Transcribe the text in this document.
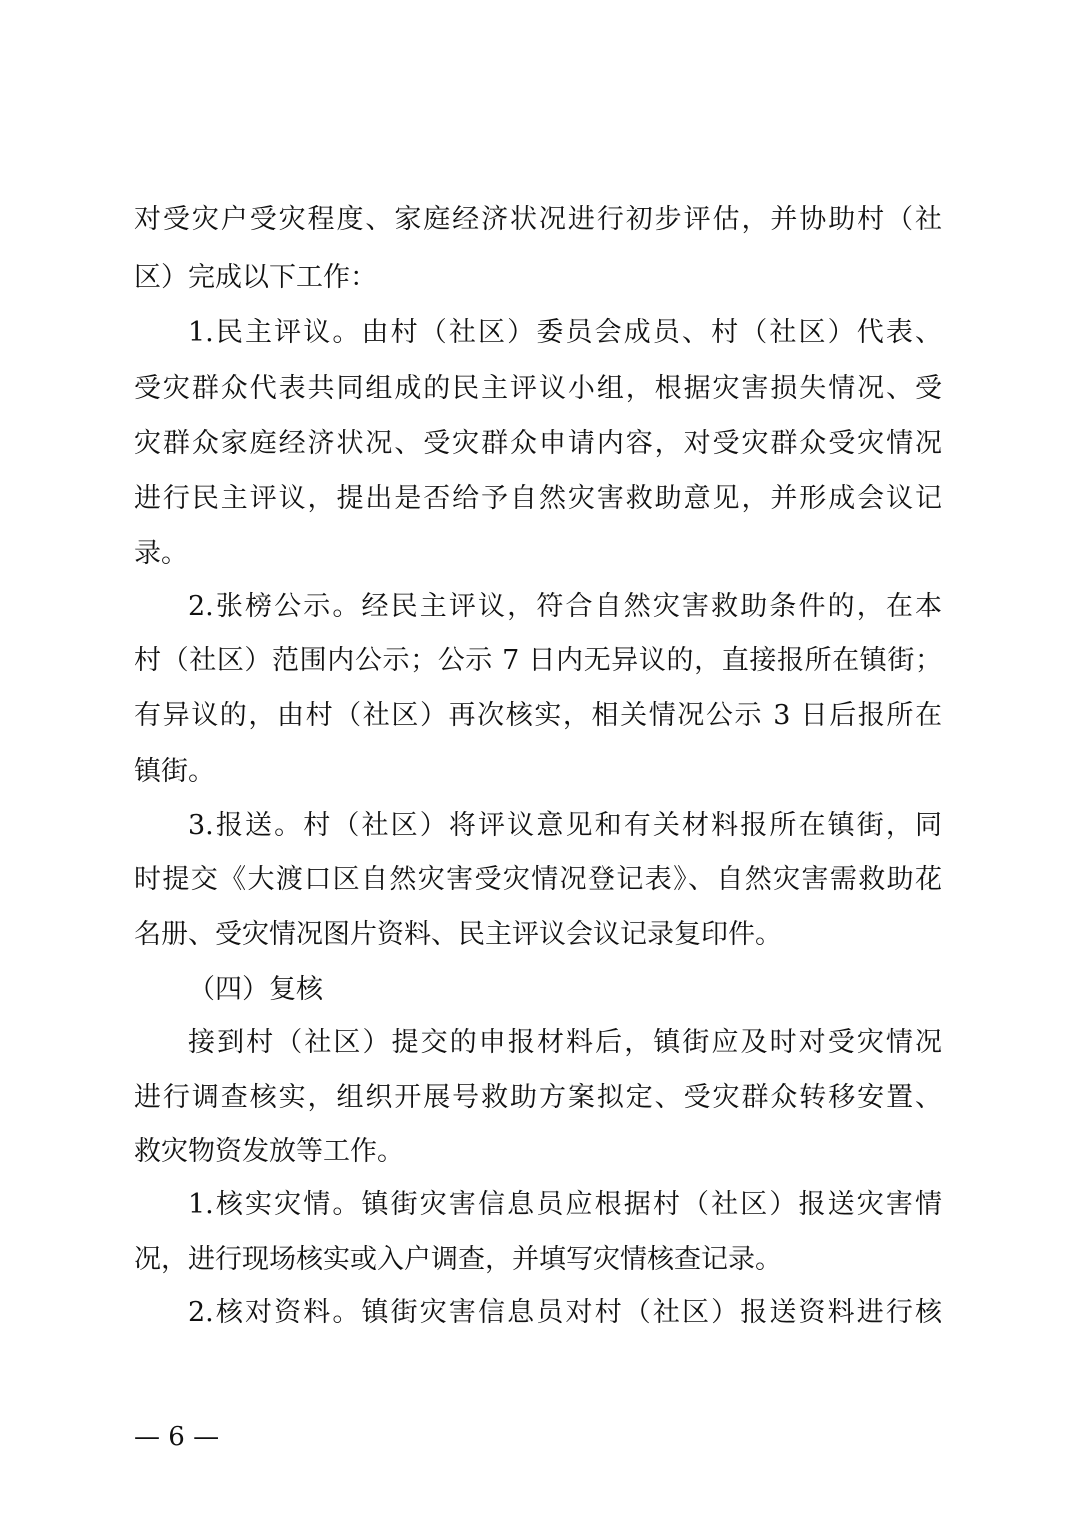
对受灾户受灾程度、家庭经济状况进行初步评估，并协助村（社
区）完成以下工作：
1.民主评议。由村（社区）委员会成员、村（社区）代表、
受灾群众代表共同组成的民主评议小组，根据灾害损失情况、受
灾群众家庭经济状况、受灾群众申请内容，对受灾群众受灾情况
进行民主评议，提出是否给予自然灾害救助意见，并形成会议记
录。
2.张榜公示。经民主评议，符合自然灾害救助条件的，在本
村（社区）范围内公示；公示 7 日内无异议的，直接报所在镇街；
有异议的，由村（社区）再次核实，相关情况公示 3 日后报所在
镇街。
3.报送。村（社区）将评议意见和有关材料报所在镇街，同
时提交《大渡口区自然灾害受灾情况登记表》、自然灾害需救助花
名册、受灾情况图片资料、民主评议会议记录复印件。
（四）复核
接到村（社区）提交的申报材料后，镇街应及时对受灾情况
进行调查核实，组织开展号救助方案拟定、受灾群众转移安置、
救灾物资发放等工作。
1.核实灾情。镇街灾害信息员应根据村（社区）报送灾害情
况，进行现场核实或入户调查，并填写灾情核查记录。
2.核对资料。镇街灾害信息员对村（社区）报送资料进行核
— 6 —
